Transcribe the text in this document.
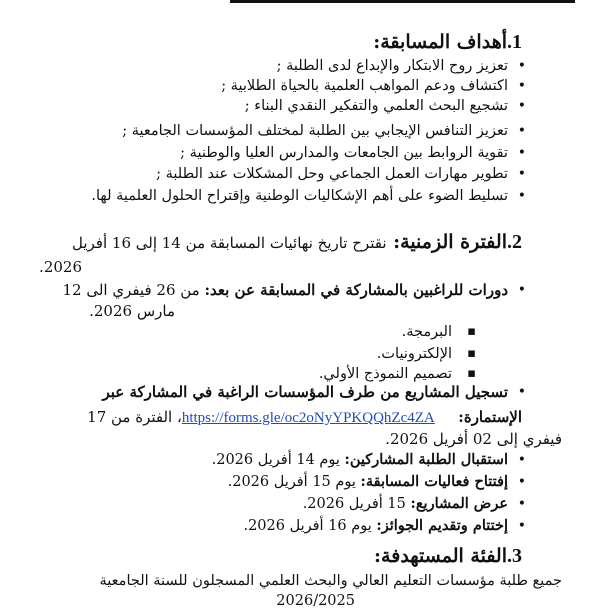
1.أهداف المسابقة:
• تعزيز روح الابتكار والإبداع لدى الطلبة ;
• اكتشاف ودعم المواهب العلمية بالحياة الطلابية ;
• تشجيع البحث العلمي والتفكير النقدي البناء ;
• تعزيز التنافس الإيجابي بين الطلبة لمختلف المؤسسات الجامعية ;
• تقوية الروابط بين الجامعات والمدارس العليا والوطنية ;
• تطوير مهارات العمل الجماعي وحل المشكلات عند الطلبة ;
• تسليط الضوء على أهم الإشكاليات الوطنية وإقتراح الحلول العلمية لها.
2.الفترة الزمنية: نقترح تاريخ نهائيات المسابقة من 14 إلى 16 أفريل
2026.
• دورات للراغبين بالمشاركة في المسابقة عن بعد: من 26 فيفري الى 12
مارس 2026.
▪ البرمجة.
▪ الإلكترونيات.
▪ تصميم النموذج الأولي.
• تسجيل المشاريع من طرف المؤسسات الراغبة في المشاركة عبر
الإستمارة:  https://forms.gle/oc2oNyYPKQQhZc4ZA، الفترة من 17
فيفري إلى 02 أفريل 2026.
• استقبال الطلبة المشاركين: يوم 14 أفريل 2026.
• إفتتاح فعاليات المسابقة: يوم 15 أفريل 2026.
• عرض المشاريع: 15 أفريل 2026.
• إختتام وتقديم الجوائز: يوم 16 أفريل 2026.
3.الفئة المستهدفة:
جميع طلبة مؤسسات التعليم العالي والبحث العلمي المسجلون للسنة الجامعية
2026/2025
